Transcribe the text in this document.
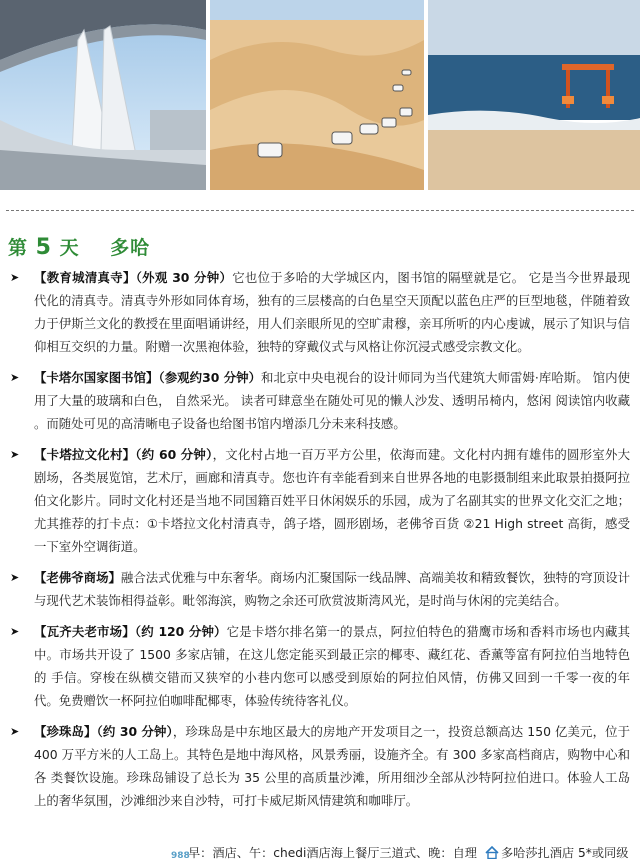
第 5 天 多哈
➤ 【教育城清真寺】（外观 30 分钟）它也位于多哈的大学城区内，图书馆的隔壁就是它。 它是当今世界最现 代化的清真寺。清真寺外形如同体育场，独有的三层楼高的白色星空天顶配以蓝色庄严的巨型地毯，伴随着致力于伊斯兰文化的教授在里面唱诵讲经，用人们亲眼所见的空旷肃穆，亲耳所听的内心虔诚，展示了知识与信 仰相互交织的力量。附赠一次黑袍体验，独特的穿戴仪式与风格让你沉浸式感受宗教文化。
➤ 【卡塔尔国家图书馆】（参观约30 分钟）和北京中央电视台的设计师同为当代建筑大师雷姆·库哈斯。 馆内使用了大量的玻璃和白色， 自然采光。 读者可肆意坐在随处可见的懒人沙发、透明吊椅内，悠闲 阅读馆内收藏 。而随处可见的高清晰电子设备也给图书馆内增添几分未来科技感。
➤ 【卡塔拉文化村】（约 60 分钟），文化村占地一百万平方公里，依海而建。文化村内拥有雄伟的圆形室外大 剧场，各类展览馆，艺术厅，画廊和清真寺。您也许有幸能看到来自世界各地的电影摄制组来此取景拍摄阿拉 伯文化影片。同时文化村还是当地不同国籍百姓平日休闲娱乐的乐园，成为了名副其实的世界文化交汇之地；尤其推荐的打卡点：①卡塔拉文化村清真寺，鸽子塔，圆形剧场，老佛爷百货 ②21 High street 高街，感受 一下室外空调街道。
➤ 【老佛爷商场】融合法式优雅与中东奢华。商场内汇聚国际一线品牌、高端美妆和精致餐饮，独特的穹顶设计与现代艺术装饰相得益彰。毗邻海滨，购物之余还可欣赏波斯湾风光，是时尚与休闲的完美结合。
➤ 【瓦齐夫老市场】（约 120 分钟）它是卡塔尔排名第一的景点，阿拉伯特色的猎鹰市场和香料市场也内藏其 中。市场共开设了 1500 多家店铺，在这儿您定能买到最正宗的椰枣、藏红花、香薰等富有阿拉伯当地特色的 手信。穿梭在纵横交错而又狭窄的小巷内您可以感受到原始的阿拉伯风情，仿佛又回到一千零一夜的年代。免费赠饮一杯阿拉伯咖啡配椰枣，体验传统待客礼仪。
➤ 【珍珠岛】（约 30 分钟），珍珠岛是中东地区最大的房地产开发项目之一，投资总额高达 150 亿美元，位于400 万平方米的人工岛上。其特色是地中海风格，风景秀丽，设施齐全。有 300 多家高档商店，购物中心和各 类餐饮设施。珍珠岛铺设了总长为 35 公里的高质量沙滩，所用细沙全部从沙特阿拉伯进口。体验人工岛上的奢华氛围，沙滩细沙来自沙特，可打卡威尼斯风情建筑和咖啡厅。
988
早：酒店、午：chedi酒店海上餐厅三道式、晚：自理	多哈莎扎酒店 5*或同级
